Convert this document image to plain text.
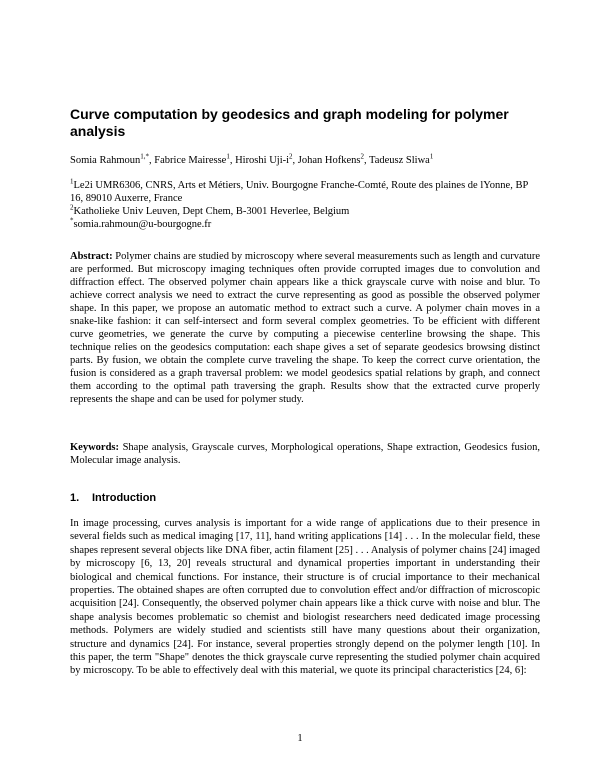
Curve computation by geodesics and graph modeling for polymer analysis
Somia Rahmoun$^{1,*}$, Fabrice Mairesse$^1$, Hiroshi Uji-$i^2$, Johan Hofkens$^2$, Tadeusz Sliwa$^1$
$^1$Le2i UMR6306, CNRS, Arts et Métiers, Univ. Bourgogne Franche-Comté, Route des plaines de lYonne, BP 16, 89010 Auxerre, France
$^2$Katholieke Univ Leuven, Dept Chem, B-3001 Heverlee, Belgium
*somia.rahmoun@u-bourgogne.fr

Abstract: Polymer chains are studied by microscopy where several measurements such as length and curvature are performed. But microscopy imaging techniques often provide corrupted images due to convolution and diffraction effect. The observed polymer chain appears like a thick grayscale curve with noise and blur. To achieve correct analysis we need to extract the curve representing as good as possible the observed polymer shape. In this paper, we propose an automatic method to extract such a curve. A polymer chain moves in a snake-like fashion: it can self-intersect and form several complex geometries. To be efficient with different curve geometries, we generate the curve by computing a piecewise centerline browsing the shape. This technique relies on the geodesics computation: each shape gives a set of separate geodesics browsing distinct parts. By fusion, we obtain the complete curve traveling the shape. To keep the correct curve orientation, the fusion is considered as a graph traversal problem: we model geodesics spatial relations by graph, and connect them according to the optimal path traversing the graph. Results show that the extracted curve properly represents the shape and can be used for polymer study.

Keywords: Shape analysis, Grayscale curves, Morphological operations, Shape extraction, Geodesics fusion, Molecular image analysis.

1. Introduction

In image processing, curves analysis is important for a wide range of applications due to their presence in several fields such as medical imaging [17, 11], hand writing applications [14] . . . In the molecular field, these shapes represent several objects like DNA fiber, actin filament [25] . . . Analysis of polymer chains [24] imaged by microscopy [6, 13, 20] reveals structural and dynamical properties important in understanding their biological and chemical functions. For instance, their structure is of crucial importance to their mechanical properties. The obtained shapes are often corrupted due to convolution effect and/or diffraction of microscopic acquisition [24]. Consequently, the observed polymer chain appears like a thick curve with noise and blur. The shape analysis becomes problematic so chemist and biologist researchers need dedicated image processing methods. Polymers are widely studied and scientists still have many questions about their organization, structure and dynamics [24]. For instance, several properties strongly depend on the polymer length [10]. In this paper, the term "Shape" denotes the thick grayscale curve representing the studied polymer chain acquired by microscopy. To be able to effectively deal with this material, we quote its principal characteristics [24, 6]:

1
